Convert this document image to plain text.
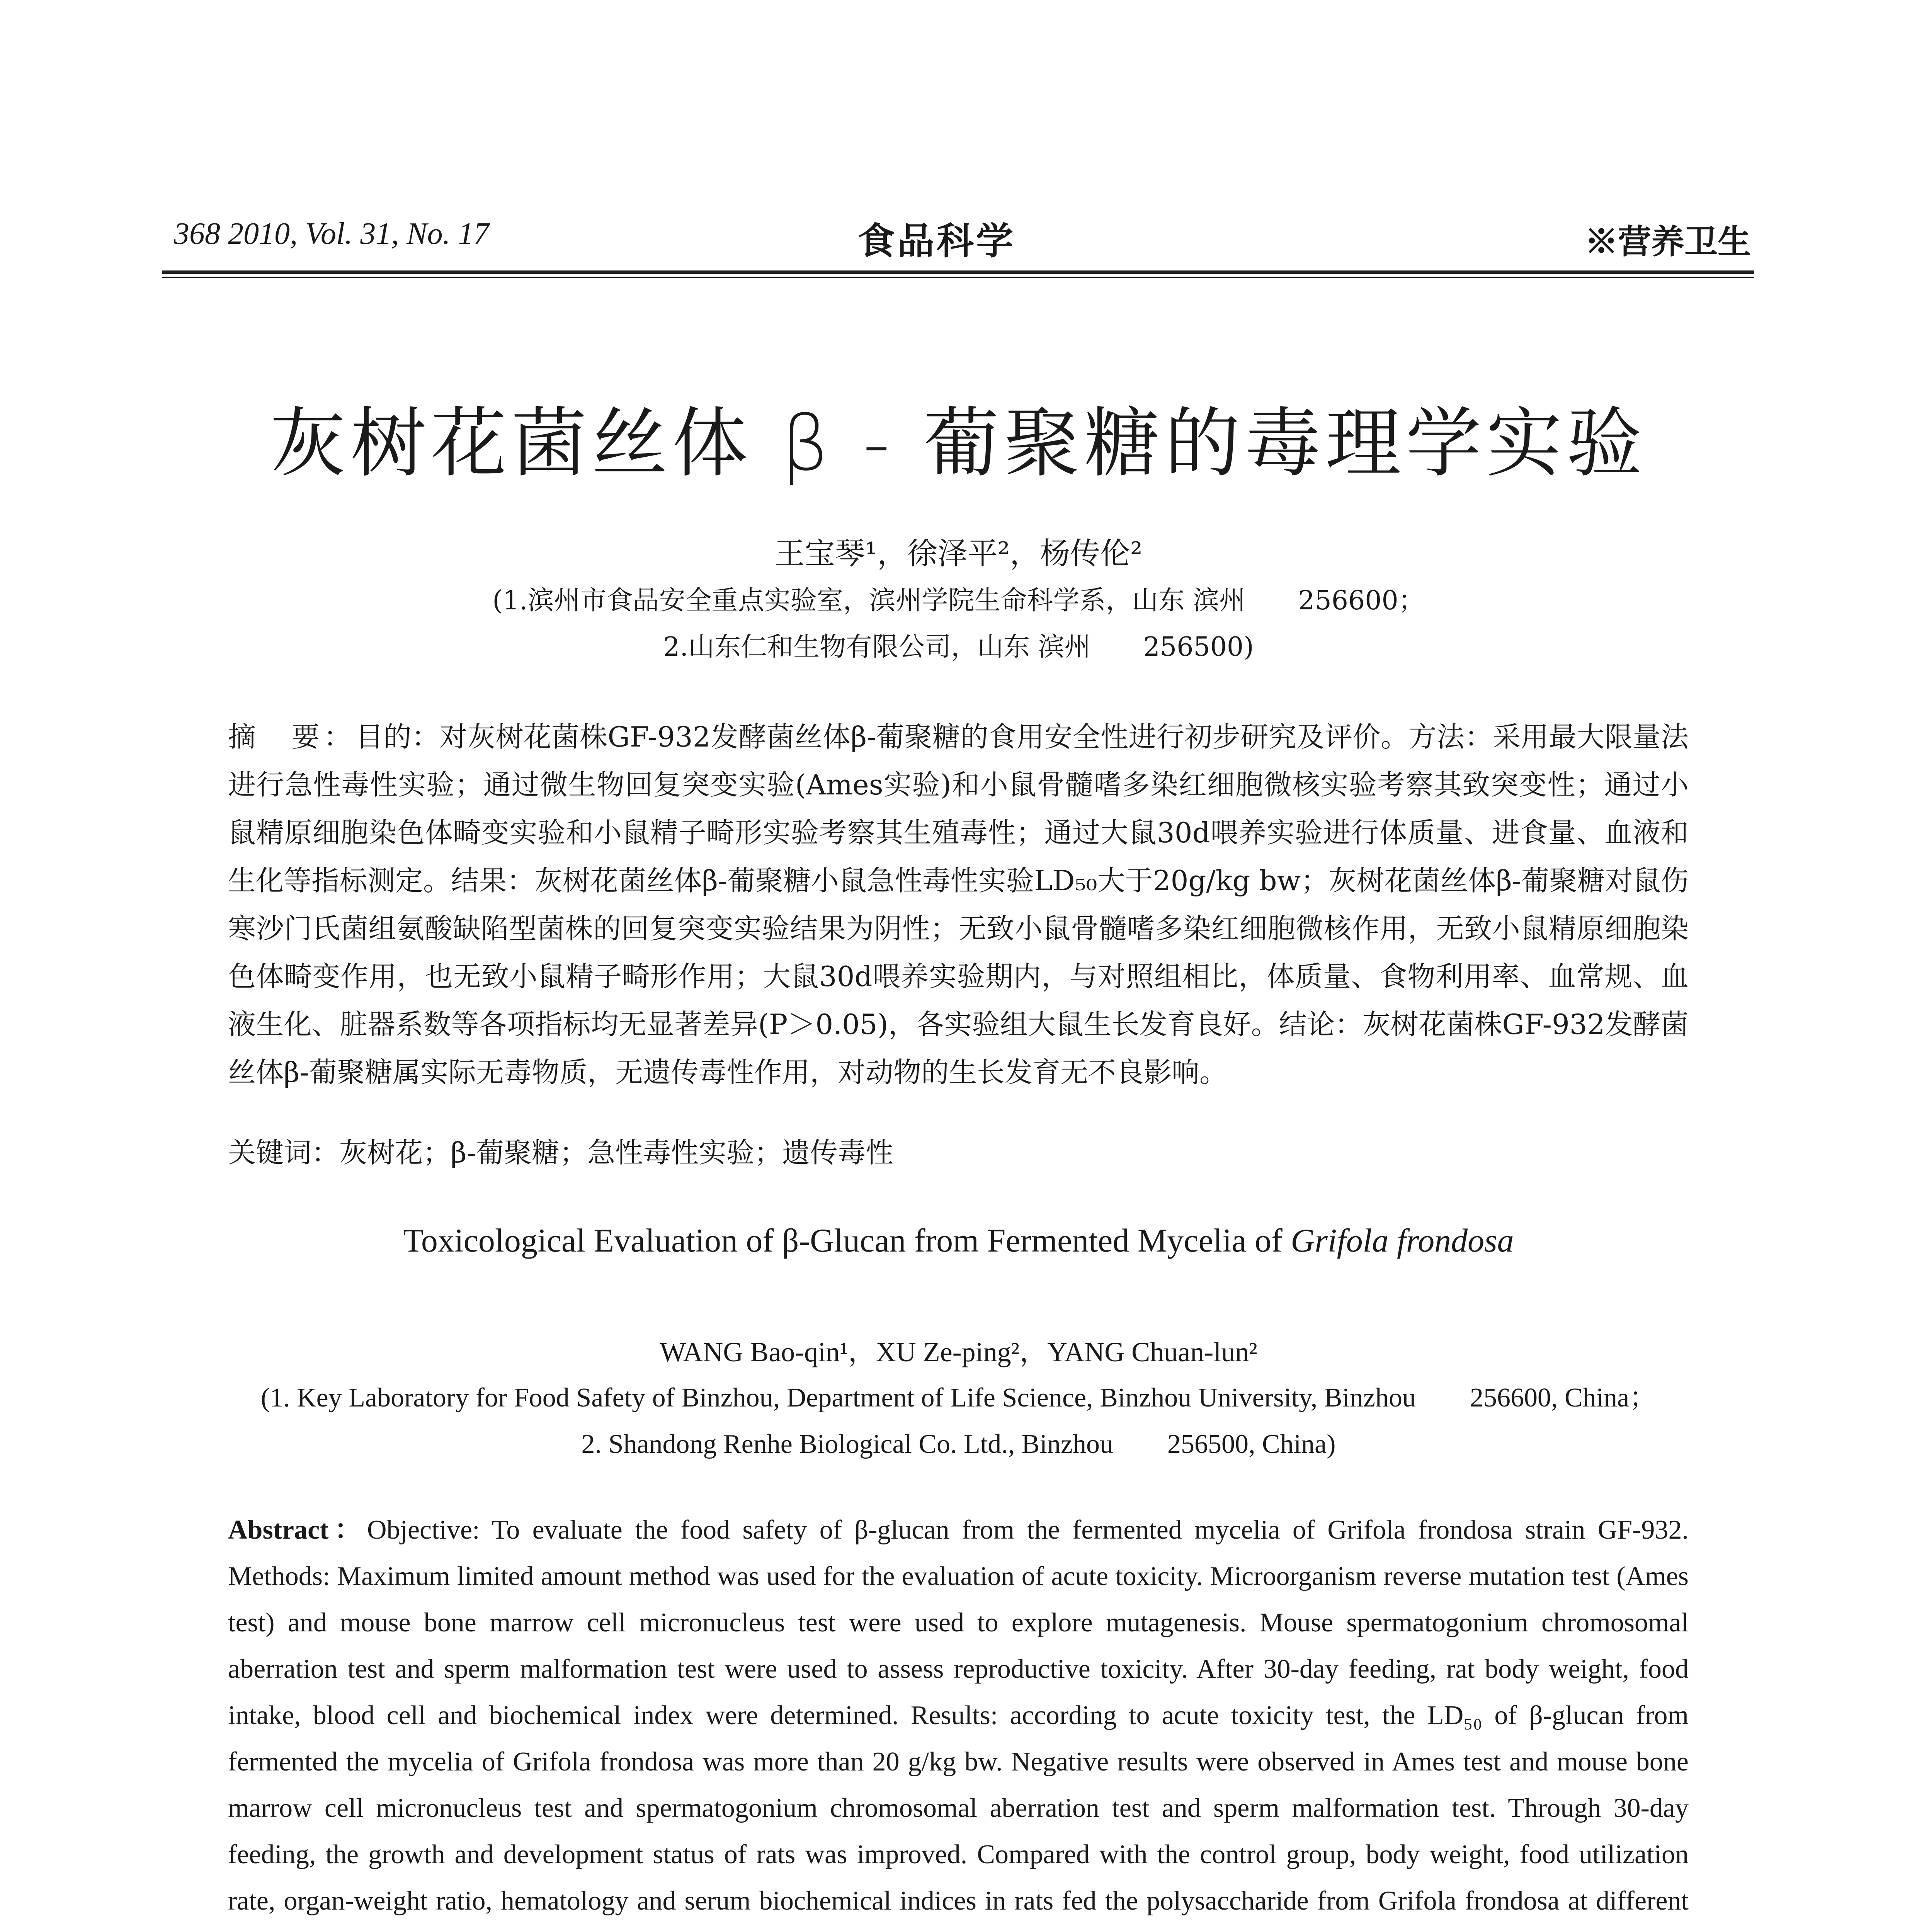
368 2010, Vol. 31, No. 17	食品科学	※营养卫生
灰树花菌丝体 β - 葡聚糖的毒理学实验
王宝琴¹，徐泽平²，杨传伦²
(1.滨州市食品安全重点实验室，滨州学院生命科学系，山东 滨州　　256600；
2.山东仁和生物有限公司，山东 滨州　　256500)
摘　要：目的：对灰树花菌株GF-932发酵菌丝体β-葡聚糖的食用安全性进行初步研究及评价。方法：采用最大限量法进行急性毒性实验；通过微生物回复突变实验(Ames实验)和小鼠骨髓嗜多染红细胞微核实验考察其致突变性；通过小鼠精原细胞染色体畸变实验和小鼠精子畸形实验考察其生殖毒性；通过大鼠30d喂养实验进行体质量、进食量、血液和生化等指标测定。结果：灰树花菌丝体β-葡聚糖小鼠急性毒性实验LD₅₀大于20g/kg bw；灰树花菌丝体β-葡聚糖对鼠伤寒沙门氏菌组氨酸缺陷型菌株的回复突变实验结果为阴性；无致小鼠骨髓嗜多染红细胞微核作用，无致小鼠精原细胞染色体畸变作用，也无致小鼠精子畸形作用；大鼠30d喂养实验期内，与对照组相比，体质量、食物利用率、血常规、血液生化、脏器系数等各项指标均无显著差异(P＞0.05)，各实验组大鼠生长发育良好。结论：灰树花菌株GF-932发酵菌丝体β-葡聚糖属实际无毒物质，无遗传毒性作用，对动物的生长发育无不良影响。
关键词：灰树花；β-葡聚糖；急性毒性实验；遗传毒性
Toxicological Evaluation of β-Glucan from Fermented Mycelia of Grifola frondosa
WANG Bao-qin¹，XU Ze-ping²，YANG Chuan-lun²
(1. Key Laboratory for Food Safety of Binzhou, Department of Life Science, Binzhou University, Binzhou　　256600, China；
2. Shandong Renhe Biological Co. Ltd., Binzhou　　256500, China)
Abstract：Objective: To evaluate the food safety of β-glucan from the fermented mycelia of Grifola frondosa strain GF-932. Methods: Maximum limited amount method was used for the evaluation of acute toxicity. Microorganism reverse mutation test (Ames test) and mouse bone marrow cell micronucleus test were used to explore mutagenesis. Mouse spermatogonium chromosomal aberration test and sperm malformation test were used to assess reproductive toxicity. After 30-day feeding, rat body weight, food intake, blood cell and biochemical index were determined. Results: according to acute toxicity test, the LD₅₀ of β-glucan from fermented the mycelia of Grifola frondosa was more than 20 g/kg bw. Negative results were observed in Ames test and mouse bone marrow cell micronucleus test and spermatogonium chromosomal aberration test and sperm malformation test. Through 30-day feeding, the growth and development status of rats was improved. Compared with the control group, body weight, food utilization rate, organ-weight ratio, hematology and serum biochemical indices in rats fed the polysaccharide from Grifola frondosa at different
